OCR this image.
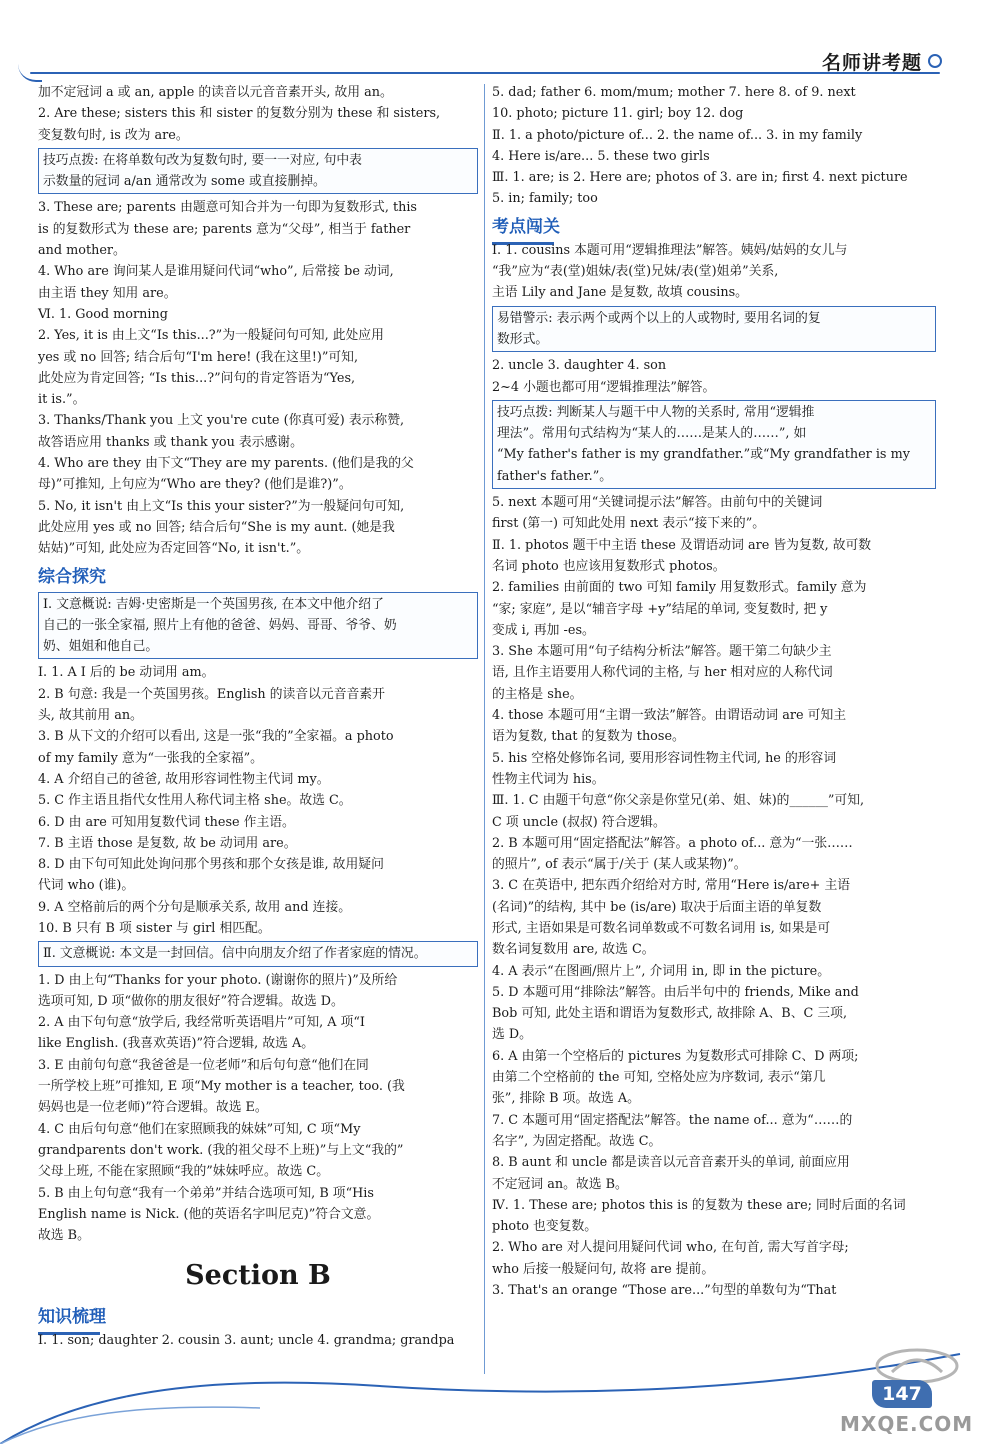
名师讲考题
加不定冠词 a 或 an, apple 的读音以元音音素开头, 故用 an。
2. Are these; sisters this 和 sister 的复数分别为 these 和 sisters,
变复数句时, is 改为 are。
技巧点拨: 在将单数句改为复数句时, 要一一对应, 句中表
示数量的冠词 a/an 通常改为 some 或直接删掉。
3. These are; parents 由题意可知合并为一句即为复数形式, this
is 的复数形式为 these are; parents 意为“父母”, 相当于 father
and mother。
4. Who are 询问某人是谁用疑问代词“who”, 后常接 be 动词,
由主语 they 知用 are。
Ⅵ. 1. Good morning
2. Yes, it is 由上文“Is this...?”为一般疑问句可知, 此处应用
yes 或 no 回答; 结合后句“I'm here! (我在这里!)”可知,
此处应为肯定回答; “Is this...?”问句的肯定答语为“Yes,
it is.”。
3. Thanks/Thank you 上文 you're cute (你真可爱) 表示称赞,
故答语应用 thanks 或 thank you 表示感谢。
4. Who are they 由下文“They are my parents. (他们是我的父
母)”可推知, 上句应为“Who are they? (他们是谁?)”。
5. No, it isn't 由上文“Is this your sister?”为一般疑问句可知,
此处应用 yes 或 no 回答; 结合后句“She is my aunt. (她是我
姑姑)”可知, 此处应为否定回答“No, it isn't.”。
综合探究
Ⅰ. 文意概说: 吉姆·史密斯是一个英国男孩, 在本文中他介绍了
自己的一张全家福, 照片上有他的爸爸、妈妈、哥哥、爷爷、奶
奶、姐姐和他自己。
Ⅰ. 1. A I 后的 be 动词用 am。
2. B 句意: 我是一个英国男孩。English 的读音以元音音素开
头, 故其前用 an。
3. B 从下文的介绍可以看出, 这是一张“我的”全家福。a photo
of my family 意为“一张我的全家福”。
4. A 介绍自己的爸爸, 故用形容词性物主代词 my。
5. C 作主语且指代女性用人称代词主格 she。故选 C。
6. D 由 are 可知用复数代词 these 作主语。
7. B 主语 those 是复数, 故 be 动词用 are。
8. D 由下句可知此处询问那个男孩和那个女孩是谁, 故用疑问
代词 who (谁)。
9. A 空格前后的两个分句是顺承关系, 故用 and 连接。
10. B 只有 B 项 sister 与 girl 相匹配。
Ⅱ. 文意概说: 本文是一封回信。信中向朋友介绍了作者家庭的情况。
1. D 由上句“Thanks for your photo. (谢谢你的照片)”及所给
选项可知, D 项“做你的朋友很好”符合逻辑。故选 D。
2. A 由下句句意“放学后, 我经常听英语唱片”可知, A 项“I
like English. (我喜欢英语)”符合逻辑, 故选 A。
3. E 由前句句意“我爸爸是一位老师”和后句句意“他们在同
一所学校上班”可推知, E 项“My mother is a teacher, too. (我
妈妈也是一位老师)”符合逻辑。故选 E。
4. C 由后句句意“他们在家照顾我的妹妹”可知, C 项“My
grandparents don't work. (我的祖父母不上班)”与上文“我的”
父母上班, 不能在家照顾“我的”妹妹呼应。故选 C。
5. B 由上句句意“我有一个弟弟”并结合选项可知, B 项“His
English name is Nick. (他的英语名字叫尼克)”符合文意。
故选 B。
Section B
知识梳理
Ⅰ. 1. son; daughter 2. cousin 3. aunt; uncle 4. grandma; grandpa
5. dad; father 6. mom/mum; mother 7. here 8. of 9. next
10. photo; picture 11. girl; boy 12. dog
Ⅱ. 1. a photo/picture of... 2. the name of... 3. in my family
4. Here is/are... 5. these two girls
Ⅲ. 1. are; is 2. Here are; photos of 3. are in; first 4. next picture
5. in; family; too
考点闯关
Ⅰ. 1. cousins 本题可用“逻辑推理法”解答。姨妈/姑妈的女儿与
“我”应为“表(堂)姐妹/表(堂)兄妹/表(堂)姐弟”关系,
主语 Lily and Jane 是复数, 故填 cousins。
易错警示: 表示两个或两个以上的人或物时, 要用名词的复
数形式。
2. uncle 3. daughter 4. son
2~4 小题也都可用“逻辑推理法”解答。
技巧点拨: 判断某人与题干中人物的关系时, 常用“逻辑推
理法”。常用句式结构为“某人的……是某人的……”, 如
“My father's father is my grandfather.”或“My grandfather is my
father's father.”。
5. next 本题可用“关键词提示法”解答。由前句中的关键词
first (第一) 可知此处用 next 表示“接下来的”。
Ⅱ. 1. photos 题干中主语 these 及谓语动词 are 皆为复数, 故可数
名词 photo 也应该用复数形式 photos。
2. families 由前面的 two 可知 family 用复数形式。family 意为
“家; 家庭”, 是以“辅音字母 +y”结尾的单词, 变复数时, 把 y
变成 i, 再加 -es。
3. She 本题可用“句子结构分析法”解答。题干第二句缺少主
语, 且作主语要用人称代词的主格, 与 her 相对应的人称代词
的主格是 she。
4. those 本题可用“主谓一致法”解答。由谓语动词 are 可知主
语为复数, that 的复数为 those。
5. his 空格处修饰名词, 要用形容词性物主代词, he 的形容词
性物主代词为 his。
Ⅲ. 1. C 由题干句意“你父亲是你堂兄(弟、姐、妹)的______”可知,
C 项 uncle (叔叔) 符合逻辑。
2. B 本题可用“固定搭配法”解答。a photo of... 意为“一张……
的照片”, of 表示“属于/关于 (某人或某物)”。
3. C 在英语中, 把东西介绍给对方时, 常用“Here is/are+ 主语
(名词)”的结构, 其中 be (is/are) 取决于后面主语的单复数
形式, 主语如果是可数名词单数或不可数名词用 is, 如果是可
数名词复数用 are, 故选 C。
4. A 表示“在图画/照片上”, 介词用 in, 即 in the picture。
5. D 本题可用“排除法”解答。由后半句中的 friends, Mike and
Bob 可知, 此处主语和谓语为复数形式, 故排除 A、B、C 三项,
选 D。
6. A 由第一个空格后的 pictures 为复数形式可排除 C、D 两项;
由第二个空格前的 the 可知, 空格处应为序数词, 表示“第几
张”, 排除 B 项。故选 A。
7. C 本题可用“固定搭配法”解答。the name of... 意为“……的
名字”, 为固定搭配。故选 C。
8. B aunt 和 uncle 都是读音以元音音素开头的单词, 前面应用
不定冠词 an。故选 B。
Ⅳ. 1. These are; photos this is 的复数为 these are; 同时后面的名词
photo 也变复数。
2. Who are 对人提问用疑问代词 who, 在句首, 需大写首字母;
who 后接一般疑问句, 故将 are 提前。
3. That's an orange “Those are...”句型的单数句为“That
147
MXQE.COM
